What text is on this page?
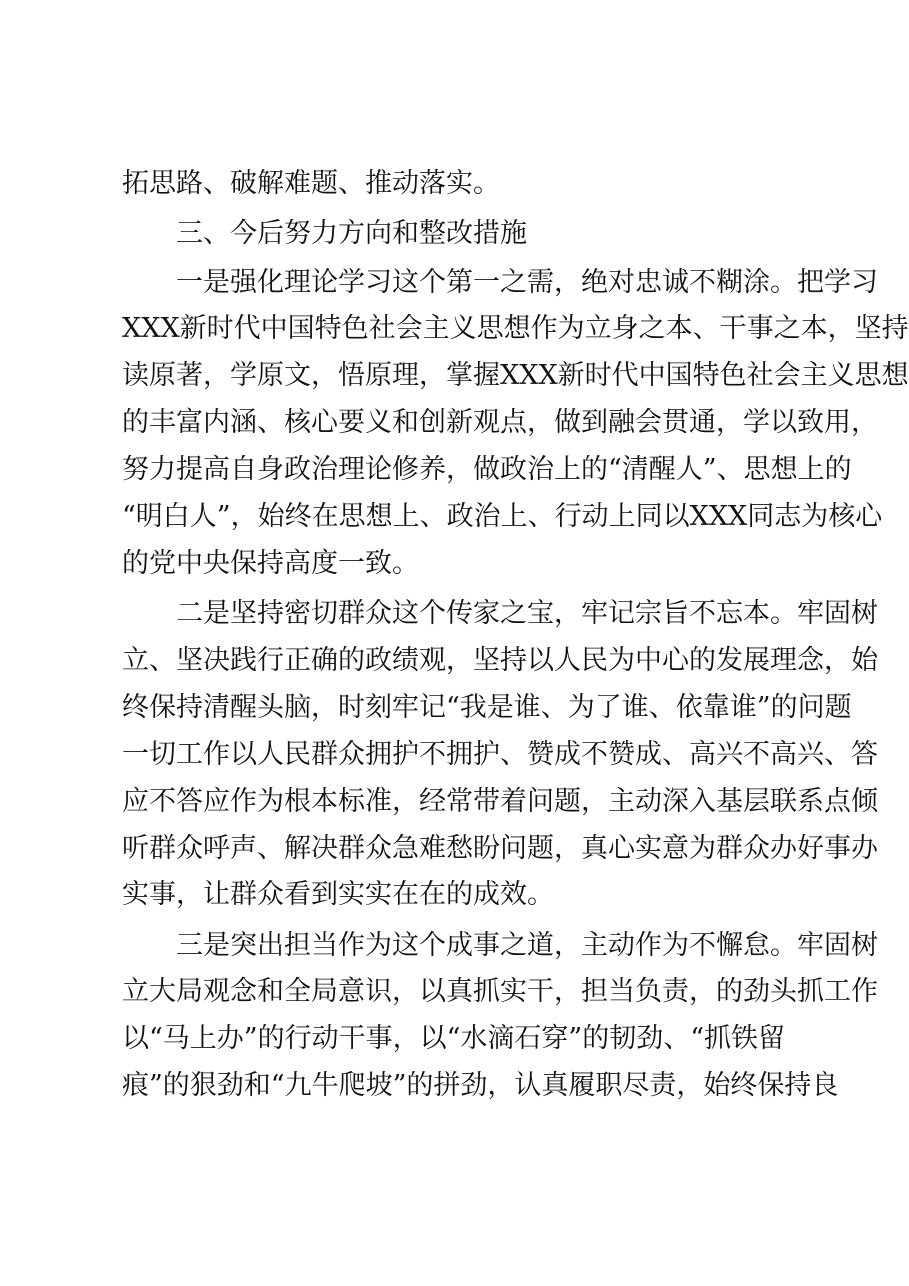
拓思路、破解难题、推动落实。
　　三、今后努力方向和整改措施
　　一是强化理论学习这个第一之需，绝对忠诚不糊涂。把学习
XXX新时代中国特色社会主义思想作为立身之本、干事之本，坚持
读原著，学原文，悟原理，掌握XXX新时代中国特色社会主义思想
的丰富内涵、核心要义和创新观点，做到融会贯通，学以致用，
努力提高自身政治理论修养，做政治上的“清醒人”、思想上的
“明白人”，始终在思想上、政治上、行动上同以XXX同志为核心
的党中央保持高度一致。
　　二是坚持密切群众这个传家之宝，牢记宗旨不忘本。牢固树
立、坚决践行正确的政绩观，坚持以人民为中心的发展理念，始
终保持清醒头脑，时刻牢记“我是谁、为了谁、依靠谁”的问题
一切工作以人民群众拥护不拥护、赞成不赞成、高兴不高兴、答
应不答应作为根本标准，经常带着问题，主动深入基层联系点倾
听群众呼声、解决群众急难愁盼问题，真心实意为群众办好事办
实事，让群众看到实实在在的成效。
　　三是突出担当作为这个成事之道，主动作为不懈怠。牢固树
立大局观念和全局意识，以真抓实干，担当负责，的劲头抓工作
以“马上办”的行动干事，以“水滴石穿”的韧劲、“抓铁留
痕”的狠劲和“九牛爬坡”的拼劲，认真履职尽责，始终保持良
